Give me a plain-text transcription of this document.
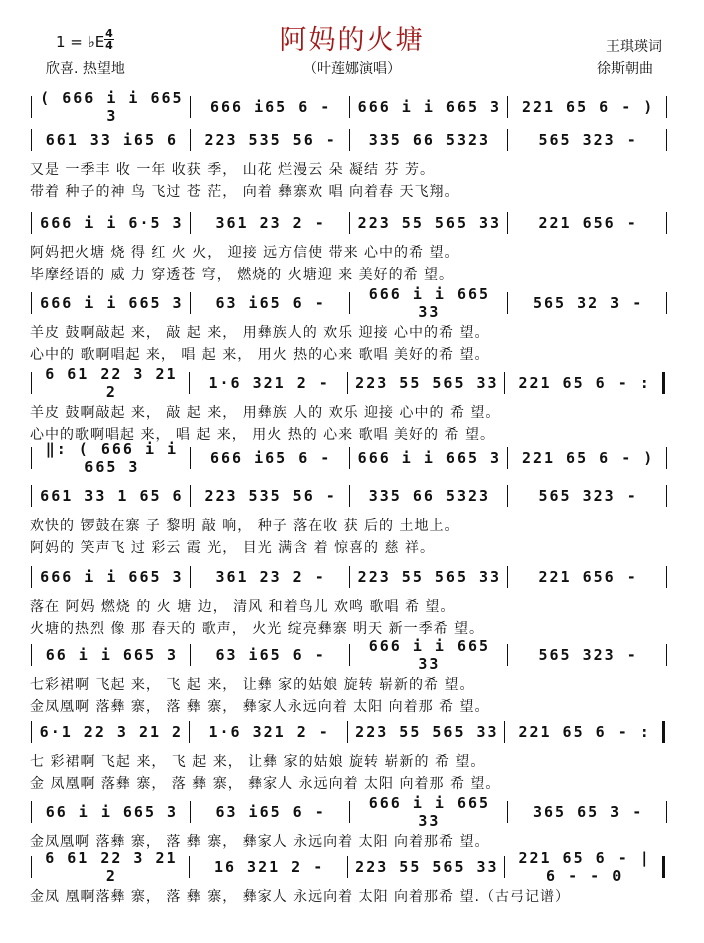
阿妈的火塘
（叶莲娜演唱）
1 = ♭E 4
4
欣喜. 热望地
王琪瑛词
徐斯朝曲
( 666 i i 665 3	666 i65 6 -	666 i i 665 3	221 65 6 - )
661 33 i65 6	223 535 56 -	335 66 5323	565 323 -
又是 一季丰 收 一年 收获 季， 山花 烂漫云 朵 凝结 芬 芳。
带着 种子的神 鸟 飞过 苍 茫， 向着 彝寨欢 唱 向着春 天飞翔。
666 i i 6·5 3	361 23 2 -	223 55 565 33	221 656 -
阿妈把火塘 烧 得 红 火 火， 迎接 远方信使 带来 心中的希 望。
毕摩经语的 威 力 穿透苍 穹， 燃烧的 火塘迎 来 美好的希 望。
666 i i 665 3	63 i65 6 -	666 i i 665 33	565 32 3 -
羊皮 鼓啊敲起 来， 敲 起 来， 用彝族人的 欢乐 迎接 心中的希 望。
心中的 歌啊唱起 来， 唱 起 来， 用火 热的心来 歌唱 美好的希 望。
6 61 22 3 21 2	1·6 321 2 -	223 55 565 33	221 65 6 - :
羊皮 鼓啊敲起 来， 敲 起 来， 用彝族 人的 欢乐 迎接 心中的 希 望。
心中的歌啊唱起 来， 唱 起 来， 用火 热的 心来 歌唱 美好的 希 望。
‖: ( 666 i i 665 3	666 i65 6 -	666 i i 665 3	221 65 6 - )
661 33 1 65 6	223 535 56 -	335 66 5323	565 323 -
欢快的 锣鼓在寨 子 黎明 敲 响， 种子 落在收 获 后的 土地上。
阿妈的 笑声飞 过 彩云 霞 光， 目光 满含 着 惊喜的 慈 祥。
666 i i 665 3	361 23 2 -	223 55 565 33	221 656 -
落在 阿妈 燃烧 的 火 塘 边， 清风 和着鸟儿 欢鸣 歌唱 希 望。
火塘的热烈 像 那 春天的 歌声， 火光 绽亮彝寨 明天 新一季希 望。
66 i i 665 3	63 i65 6 -	666 i i 665 33	565 323 -
七彩裙啊 飞起 来， 飞 起 来， 让彝 家的姑娘 旋转 崭新的希 望。
金凤凰啊 落彝 寨， 落 彝 寨， 彝家人永远向着 太阳 向着那 希 望。
6·1 22 3 21 2	1·6 321 2 -	223 55 565 33	221 65 6 - :
七 彩裙啊 飞起 来， 飞 起 来， 让彝 家的姑娘 旋转 崭新的 希 望。
金 凤凰啊 落彝 寨， 落 彝 寨， 彝家人 永远向着 太阳 向着那 希 望。
66 i i 665 3	63 i65 6 -	666 i i 665 33	365 65 3 -
金凤凰啊 落彝 寨， 落 彝 寨， 彝家人 永远向着 太阳 向着那希 望。
6 61 22 3 21 2	16 321 2 -	223 55 565 33	221 65 6 - | 6 - - 0
金凤 凰啊落彝 寨， 落 彝 寨， 彝家人 永远向着 太阳 向着那希 望.（古弓记谱）
